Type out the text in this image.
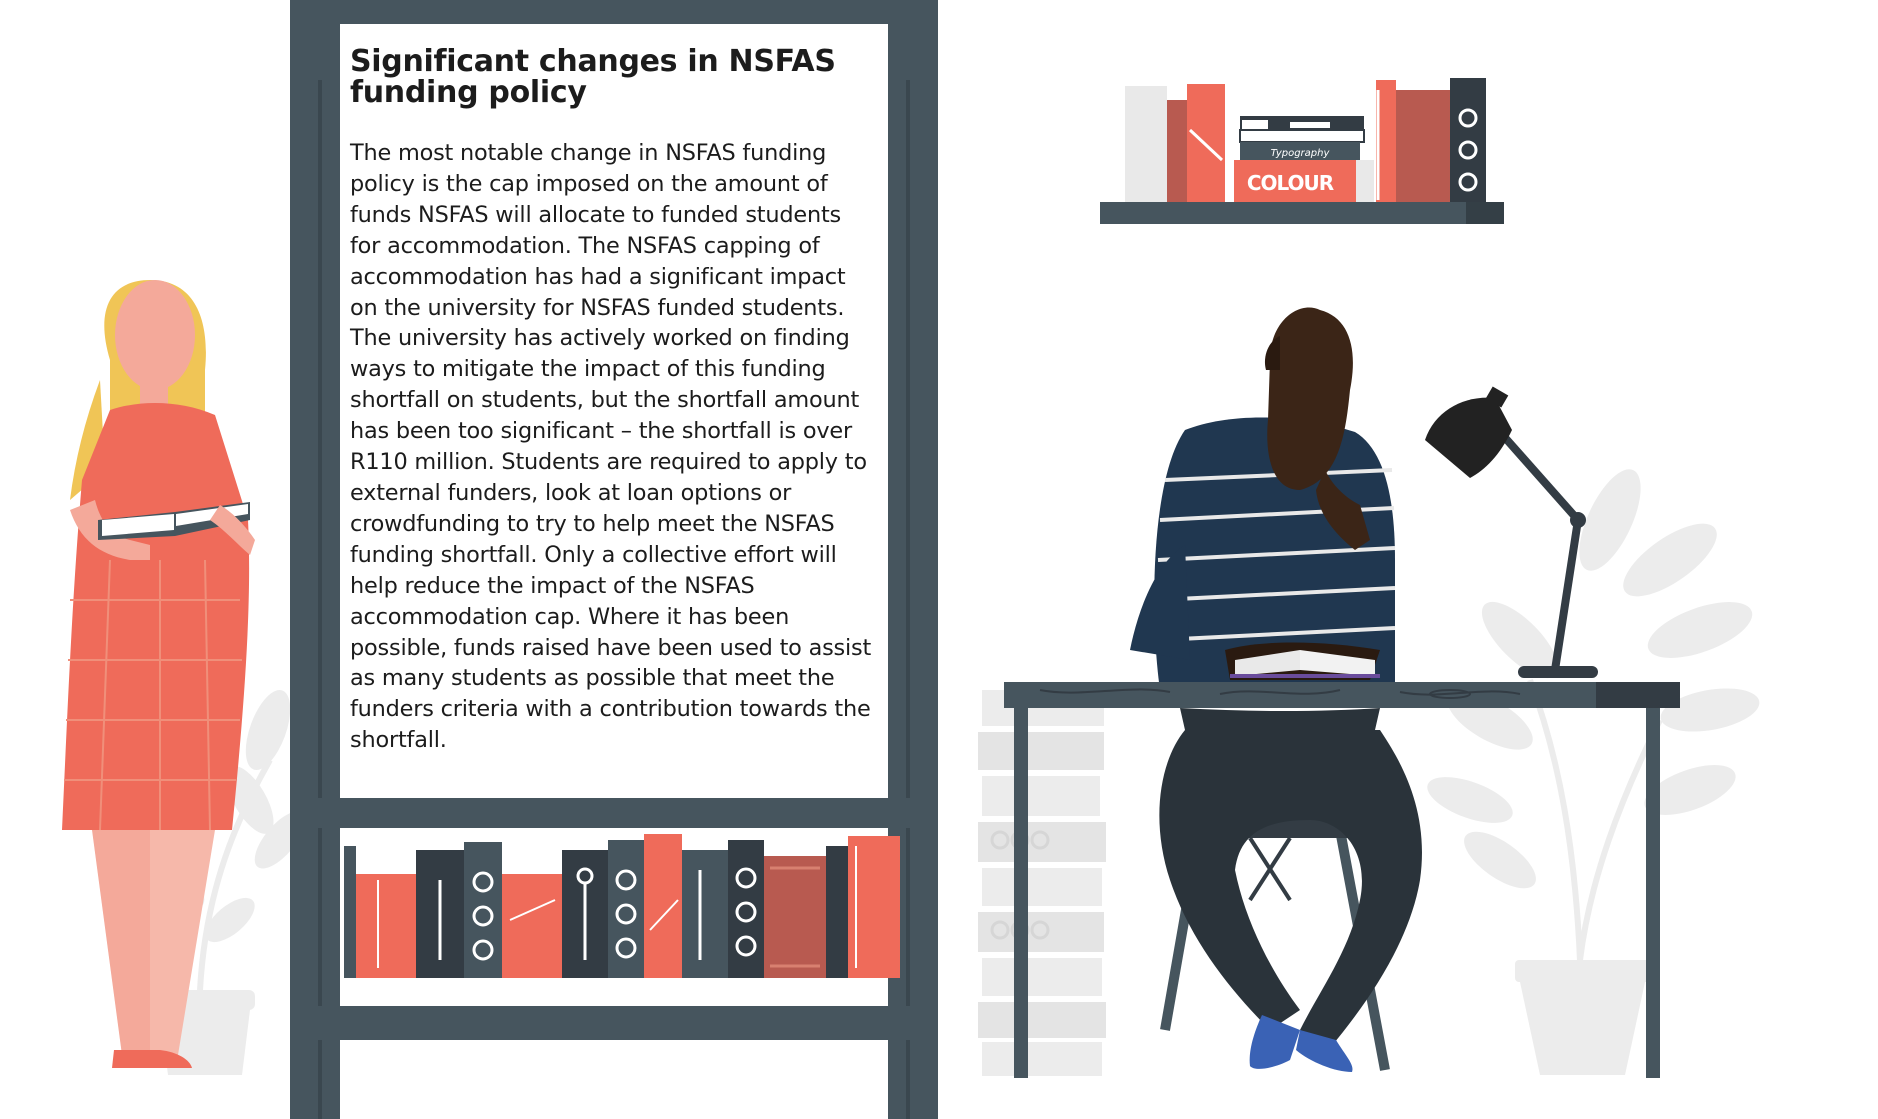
Typography
COLOUR
Significant changes in NSFAS funding policy

The most notable change in NSFAS funding policy is the cap imposed on the amount of funds NSFAS will allocate to funded students for accommodation. The NSFAS capping of accommodation has had a significant impact on the university for NSFAS funded students. The university has actively worked on finding ways to mitigate the impact of this funding shortfall on students, but the shortfall amount has been too significant – the shortfall is over R110 million. Students are required to apply to external funders, look at loan options or crowdfunding to try to help meet the NSFAS funding shortfall. Only a collective effort will help reduce the impact of the NSFAS accommodation cap. Where it has been possible, funds raised have been used to assist as many students as possible that meet the funders criteria with a contribution towards the shortfall.
